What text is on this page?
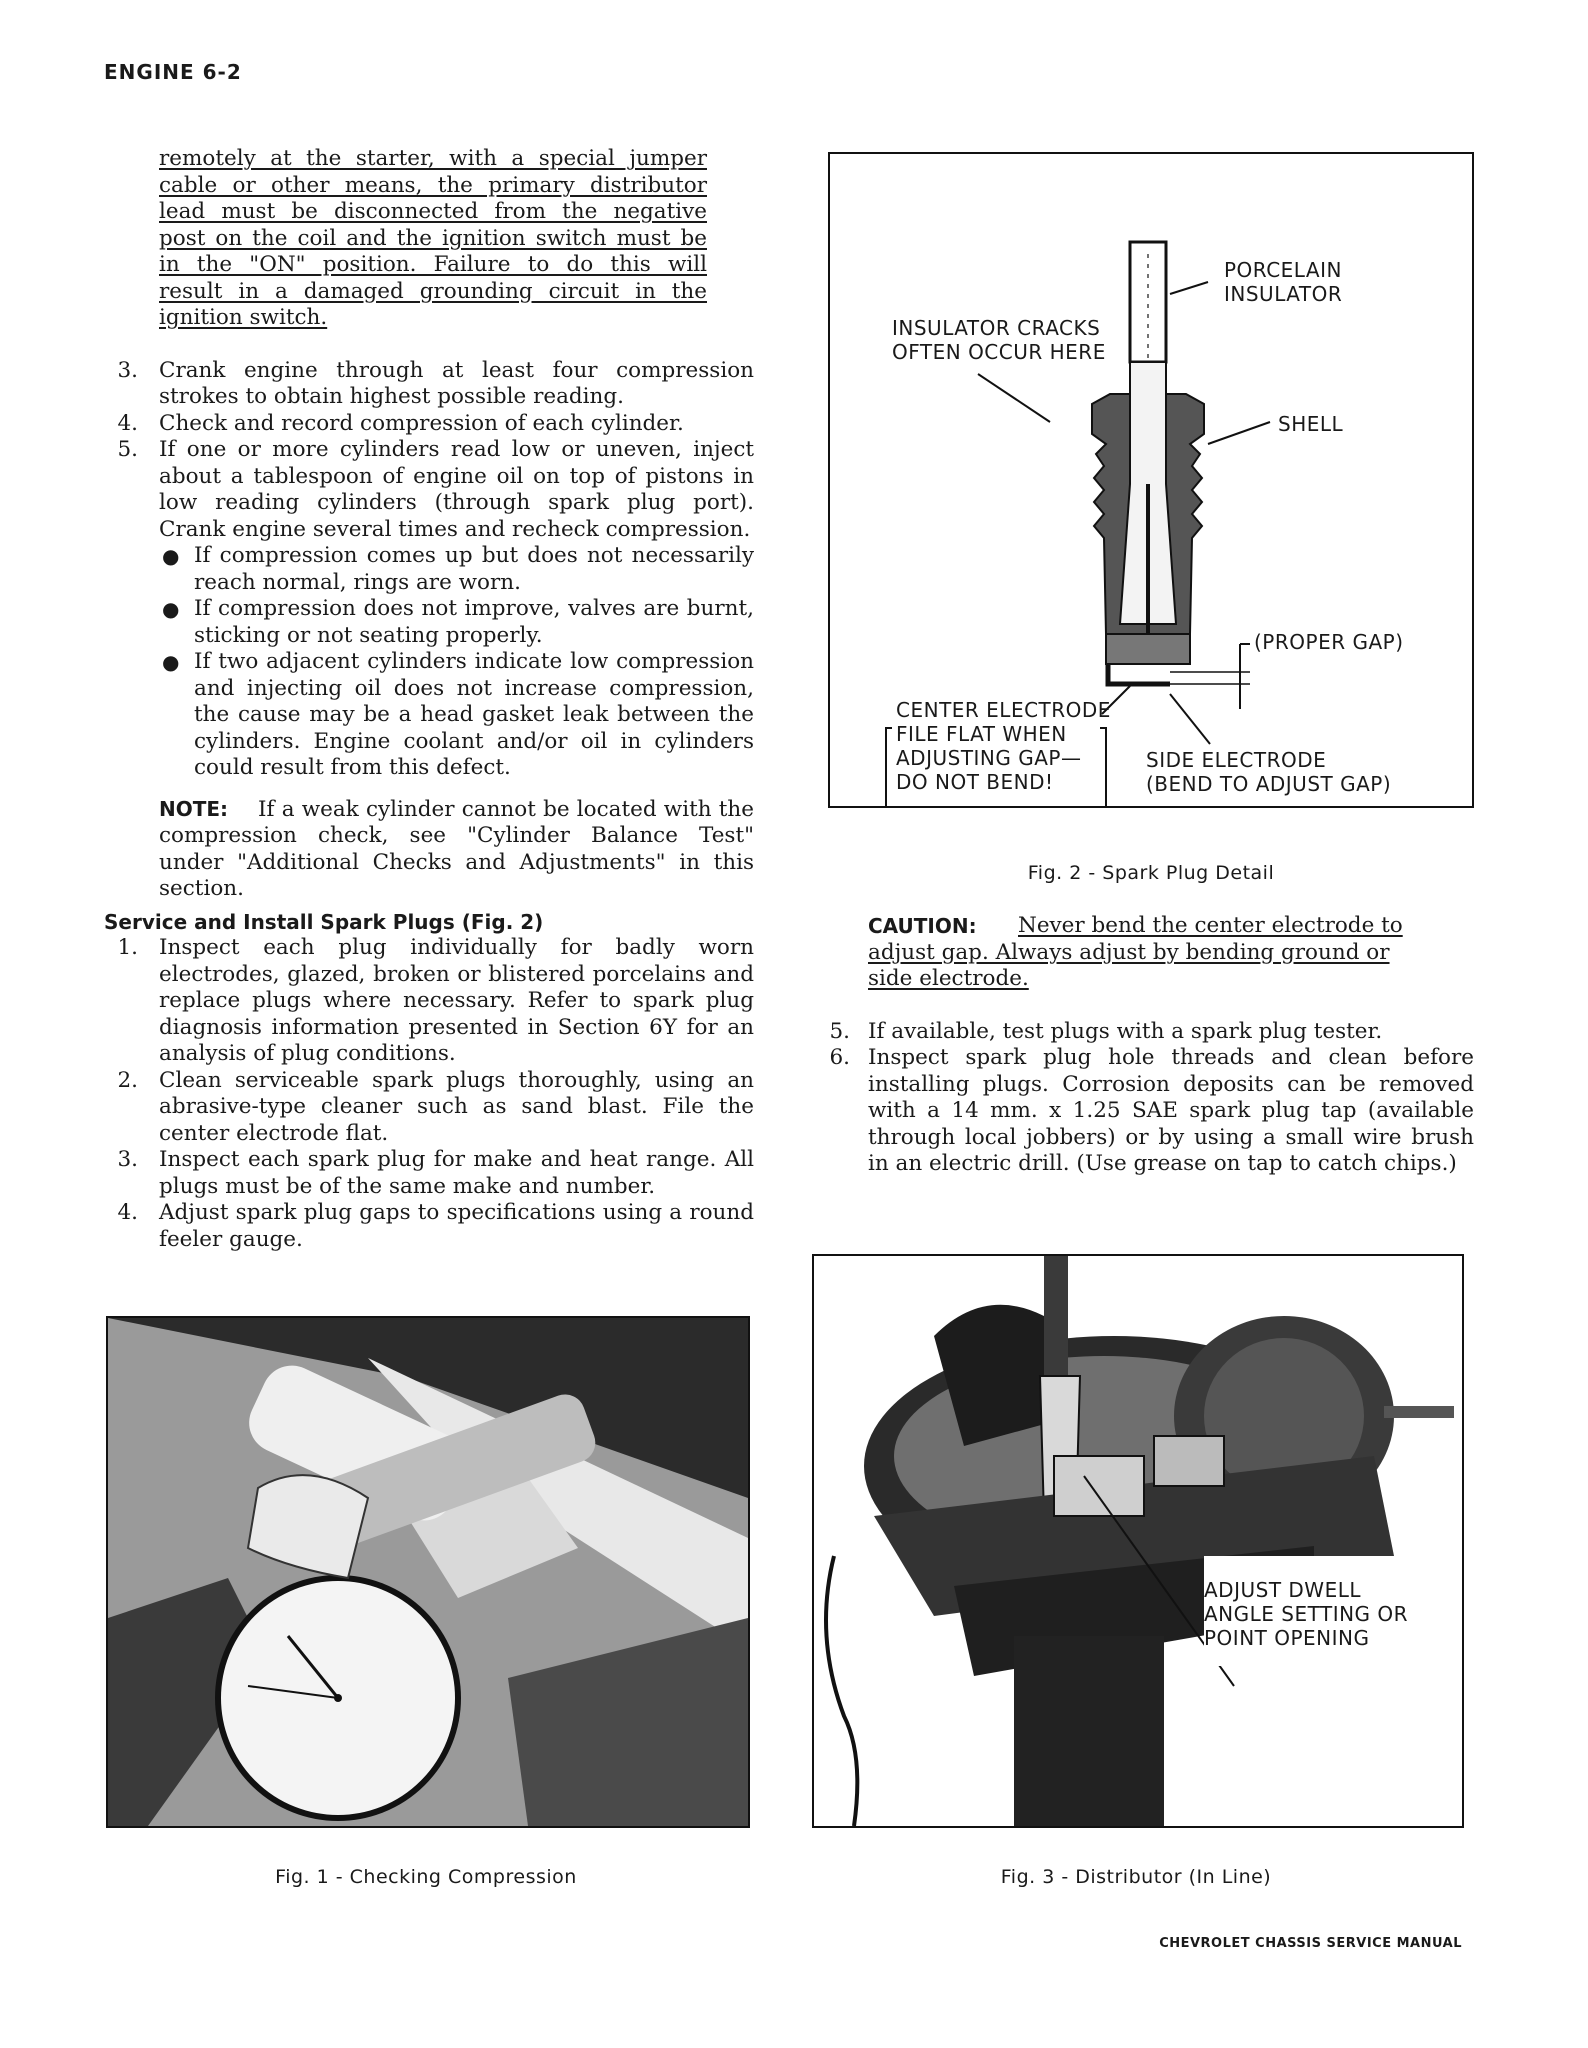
ENGINE 6-2
remotely at the starter, with a special jumper
cable or other means, the primary distributor
lead must be disconnected from the negative
post on the coil and the ignition switch must be
in the "ON" position. Failure to do this will
result in a damaged grounding circuit in the
ignition switch.
3. Crank engine through at least four compression strokes to obtain highest possible reading.
4. Check and record compression of each cylinder.
5. If one or more cylinders read low or uneven, inject about a tablespoon of engine oil on top of pistons in low reading cylinders (through spark plug port). Crank engine several times and recheck compression.
● If compression comes up but does not necessarily reach normal, rings are worn.
● If compression does not improve, valves are burnt, sticking or not seating properly.
● If two adjacent cylinders indicate low compression and injecting oil does not increase compression, the cause may be a head gasket leak between the cylinders. Engine coolant and/or oil in cylinders could result from this defect.
NOTE: If a weak cylinder cannot be located with the compression check, see "Cylinder Balance Test" under "Additional Checks and Adjustments" in this section.
Service and Install Spark Plugs (Fig. 2)
1. Inspect each plug individually for badly worn electrodes, glazed, broken or blistered porcelains and replace plugs where necessary. Refer to spark plug diagnosis information presented in Section 6Y for an analysis of plug conditions.
2. Clean serviceable spark plugs thoroughly, using an abrasive-type cleaner such as sand blast. File the center electrode flat.
3. Inspect each spark plug for make and heat range. All plugs must be of the same make and number.
4. Adjust spark plug gaps to specifications using a round feeler gauge.
PORCELAIN
INSULATOR
INSULATOR CRACKS
OFTEN OCCUR HERE
SHELL
(PROPER GAP)
CENTER ELECTRODE
FILE FLAT WHEN
ADJUSTING GAP—
DO NOT BEND!
SIDE ELECTRODE
(BEND TO ADJUST GAP)
Fig. 2 - Spark Plug Detail
CAUTION:	Never bend the center electrode to
adjust gap. Always adjust by bending ground or
side electrode.
5. If available, test plugs with a spark plug tester.
6. Inspect spark plug hole threads and clean before installing plugs. Corrosion deposits can be removed with a 14 mm. x 1.25 SAE spark plug tap (available through local jobbers) or by using a small wire brush in an electric drill. (Use grease on tap to catch chips.)
Fig. 1 - Checking Compression
ADJUST DWELL
ANGLE SETTING OR
POINT OPENING
Fig. 3 - Distributor (In Line)
CHEVROLET CHASSIS SERVICE MANUAL
